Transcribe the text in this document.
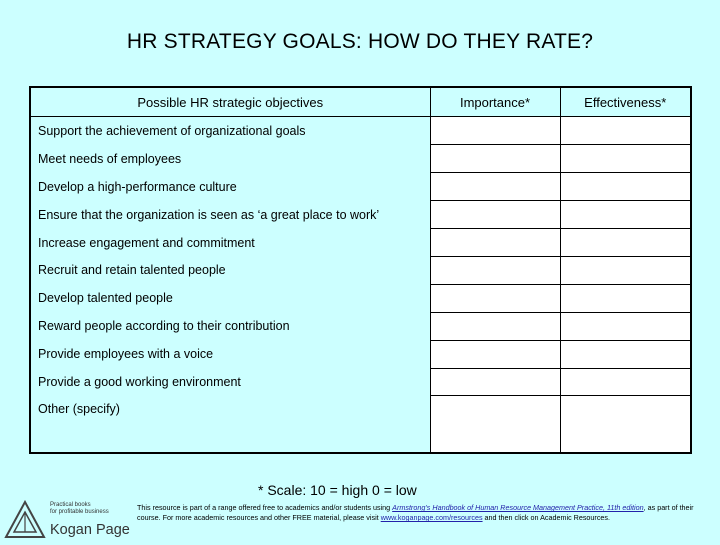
HR STRATEGY GOALS: HOW DO THEY RATE?
Possible HR strategic objectives	Importance*	Effectiveness*
Support the achievement of organizational goals		
Meet needs of employees		
Develop a high-performance culture		
Ensure that the organization is seen as ‘a great place to work’		
Increase engagement and commitment		
Recruit and retain talented people		
Develop talented people		
Reward people according to their contribution		
Provide employees with a voice		
Provide a good working environment		
Other (specify)		
* Scale: 10 = high 0 = low
Practical books
for profitable business
Kogan Page
This resource is part of a range offered free to academics and/or students using Armstrong’s Handbook of Human Resource Management Practice, 11th edition, as part of their course. For more academic resources and other FREE material, please visit www.koganpage.com/resources and then click on Academic Resources.
